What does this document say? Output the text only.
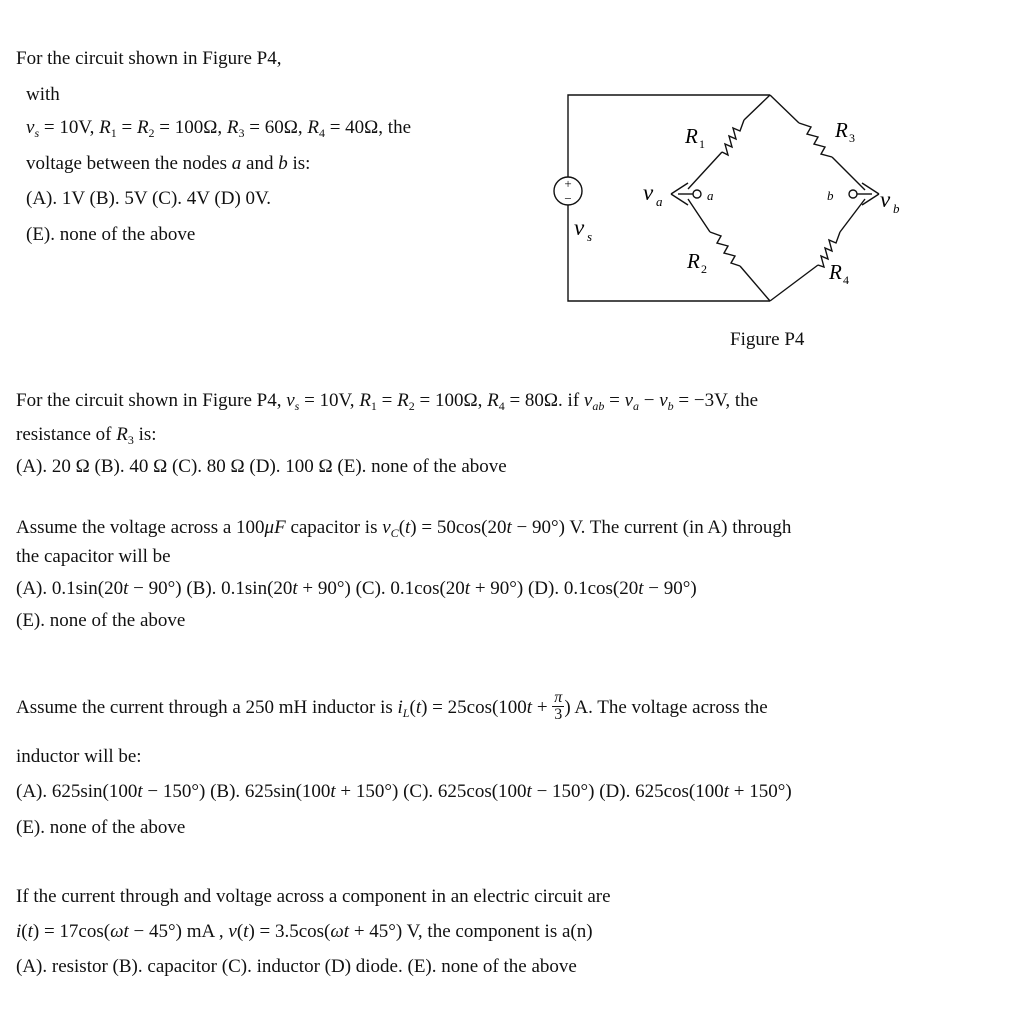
For the circuit shown in Figure P4,
with
$v_s = 10V$, $R_1 = R_2 = 100\Omega$, $R_3 = 60\Omega$, $R_4 = 40\Omega$, the
voltage between the nodes a and b is:
(A). 1V (B). 5V (C). 4V (D) 0V.
(E). none of the above
+
−
R 1
R 3
R 2	R 4
v s
v a	v b
a	b
Figure P4
For the circuit shown in Figure P4, $v_s = 10V$, $R_1 = R_2 = 100\Omega$, $R_4 = 80\Omega$. if $v_{ab} = v_a - v_b = -3V$, the
resistance of $R_3$ is:
(A). 20 Ω (B). 40 Ω (C). 80 Ω (D). 100 Ω (E). none of the above
Assume the voltage across a 100μF capacitor is $v_C(t) = 50\cos(20t - 90^\circ)$ V. The current (in A) through
the capacitor will be
(A). 0.1sin(20t − 90°) (B). 0.1sin(20t + 90°) (C). 0.1cos(20t + 90°) (D). 0.1cos(20t − 90°)
(E). none of the above
Assume the current through a 250 mH inductor is $i_L(t) = 25\cos(100t + \frac{\pi}{3}$ ) A. The voltage across the
inductor will be:
(A). 625sin(100t − 150°) (B). 625sin(100t + 150°) (C). 625cos(100t − 150°) (D). 625cos(100t + 150°)
(E). none of the above
If the current through and voltage across a component in an electric circuit are
i(t) = 17cos(ωt − 45°) mA , v(t) = 3.5cos(ωt + 45°) V, the component is a(n)
(A). resistor (B). capacitor (C). inductor (D) diode. (E). none of the above
